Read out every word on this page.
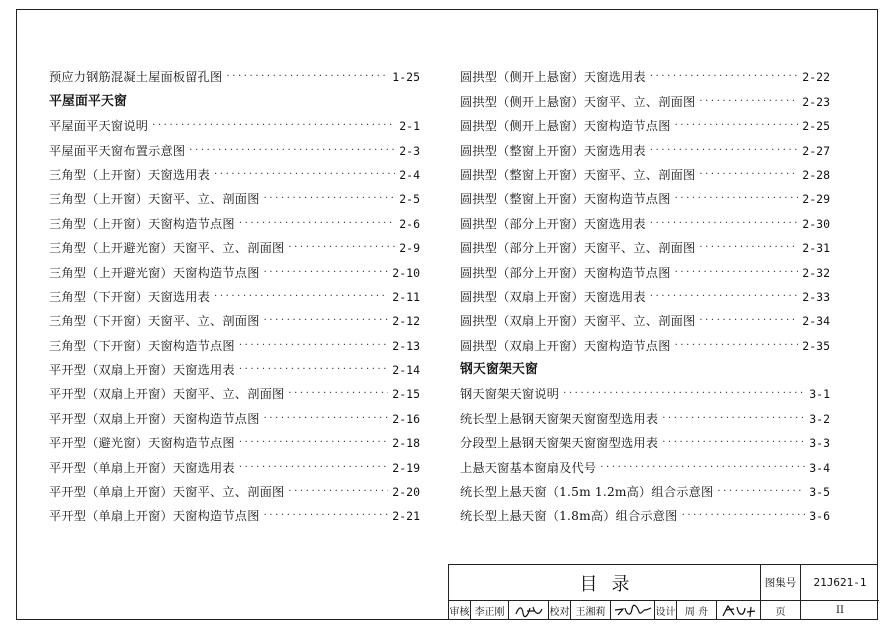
预应力钢筋混凝土屋面板留孔图 ·····	1-25
平屋面平天窗
平屋面平天窗说明 ·····	2-1
平屋面平天窗布置示意图 ·····	2-3
三角型（上开窗）天窗选用表 ·····	2-4
三角型（上开窗）天窗平、立、剖面图 ·····	2-5
三角型（上开窗）天窗构造节点图 ·····	2-6
三角型（上开避光窗）天窗平、立、剖面图 ·····	2-9
三角型（上开避光窗）天窗构造节点图 ·····	2-10
三角型（下开窗）天窗选用表 ·····	2-11
三角型（下开窗）天窗平、立、剖面图 ·····	2-12
三角型（下开窗）天窗构造节点图 ·····	2-13
平开型（双扇上开窗）天窗选用表 ·····	2-14
平开型（双扇上开窗）天窗平、立、剖面图 ·····	2-15
平开型（双扇上开窗）天窗构造节点图 ·····	2-16
平开型（避光窗）天窗构造节点图 ·····	2-18
平开型（单扇上开窗）天窗选用表 ·····	2-19
平开型（单扇上开窗）天窗平、立、剖面图 ·····	2-20
平开型（单扇上开窗）天窗构造节点图 ·····	2-21
圆拱型（侧开上悬窗）天窗选用表 ·····	2-22
圆拱型（侧开上悬窗）天窗平、立、剖面图 ·····	2-23
圆拱型（侧开上悬窗）天窗构造节点图 ·····	2-25
圆拱型（整窗上开窗）天窗选用表 ·····	2-27
圆拱型（整窗上开窗）天窗平、立、剖面图 ·····	2-28
圆拱型（整窗上开窗）天窗构造节点图 ·····	2-29
圆拱型（部分上开窗）天窗选用表 ·····	2-30
圆拱型（部分上开窗）天窗平、立、剖面图 ·····	2-31
圆拱型（部分上开窗）天窗构造节点图 ·····	2-32
圆拱型（双扇上开窗）天窗选用表 ·····	2-33
圆拱型（双扇上开窗）天窗平、立、剖面图 ·····	2-34
圆拱型（双扇上开窗）天窗构造节点图 ·····	2-35
钢天窗架天窗
钢天窗架天窗说明 ·····	3-1
统长型上悬钢天窗架天窗窗型选用表 ·····	3-2
分段型上悬钢天窗架天窗窗型选用表 ·····	3-3
上悬天窗基本窗扇及代号 ·····	3-4
统长型上悬天窗（1.5m 1.2m高）组合示意图 ·····	3-5
统长型上悬天窗（1.8m高）组合示意图 ·····	3-6
目录	图集号	21J621-1
审核 李正刚	校对 王湘莉	设计 周 舟	页	II
